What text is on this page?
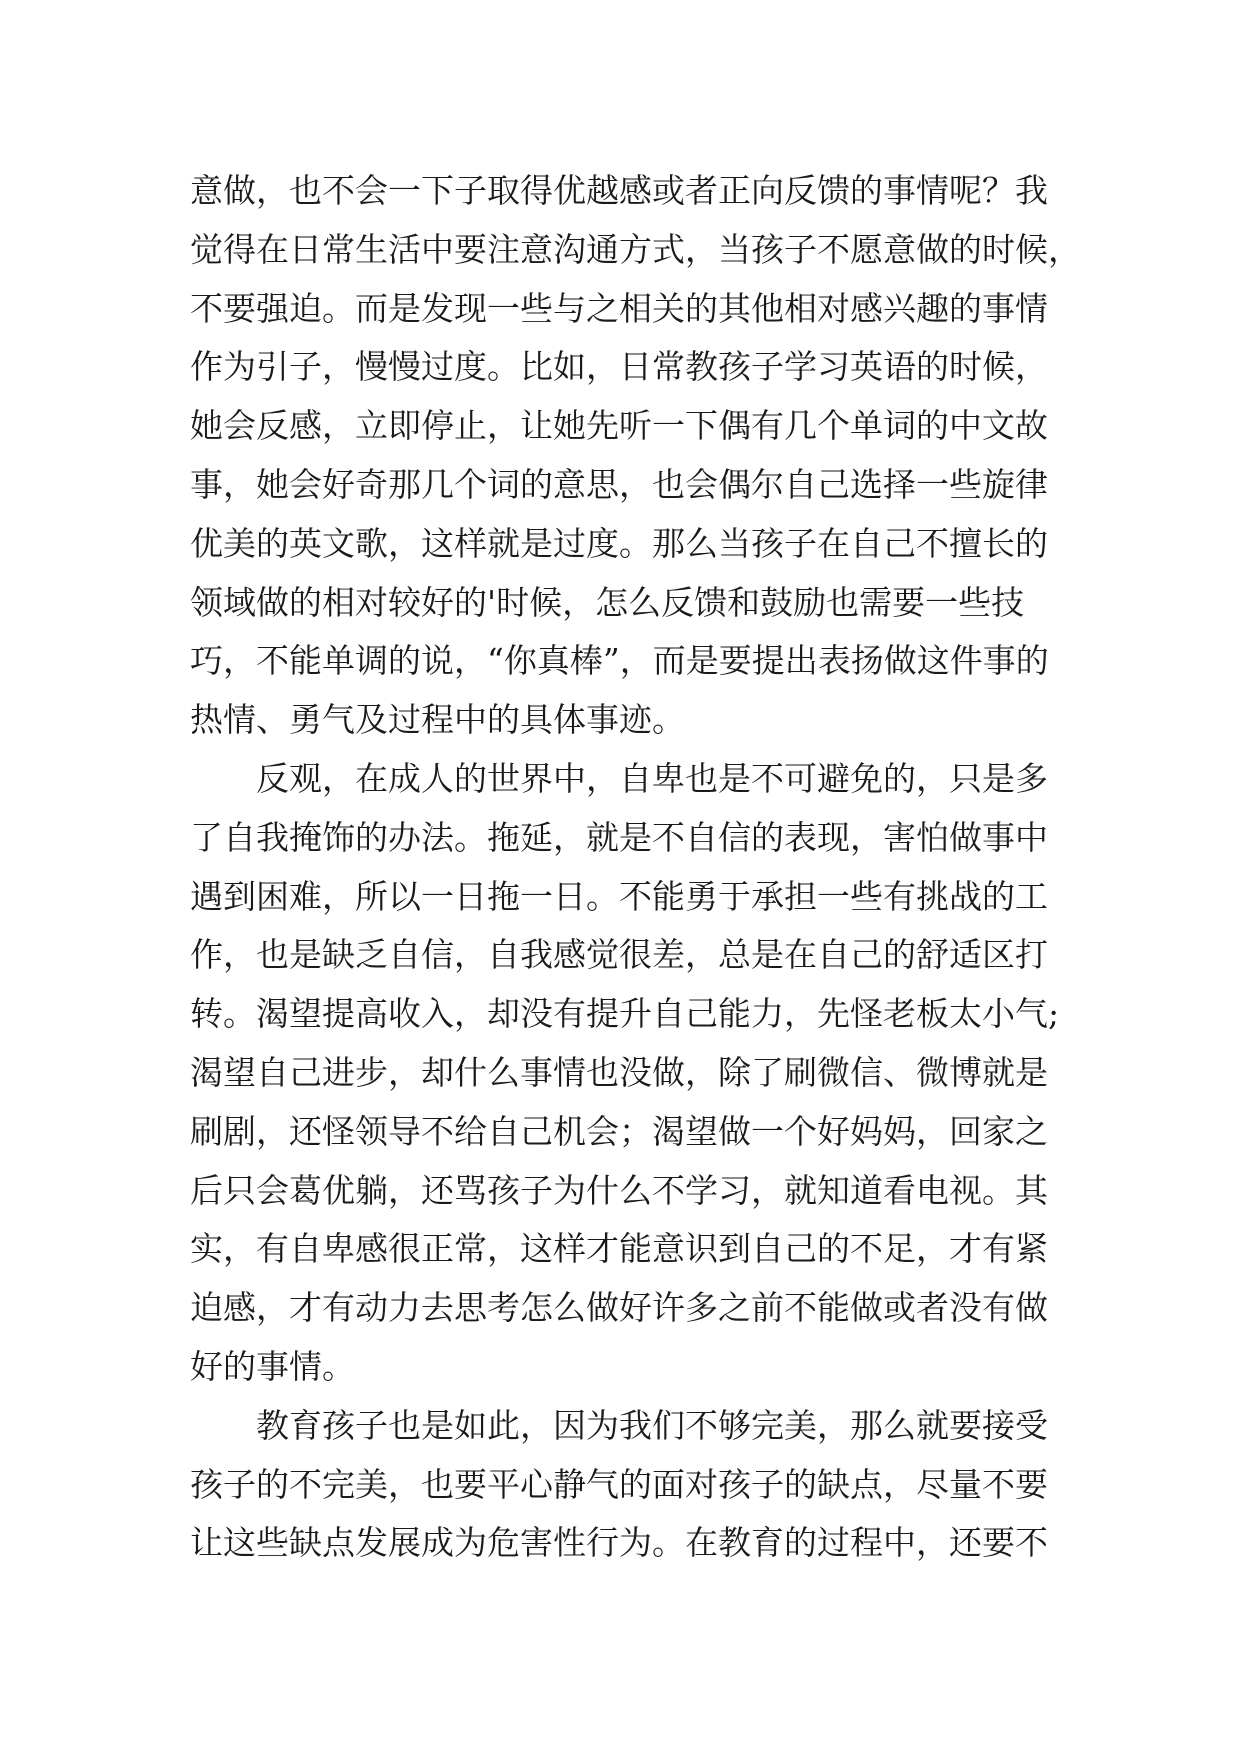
意做，也不会一下子取得优越感或者正向反馈的事情呢？我
觉得在日常生活中要注意沟通方式，当孩子不愿意做的时候，
不要强迫。而是发现一些与之相关的其他相对感兴趣的事情
作为引子，慢慢过度。比如，日常教孩子学习英语的时候，
她会反感，立即停止，让她先听一下偶有几个单词的中文故
事，她会好奇那几个词的意思，也会偶尔自己选择一些旋律
优美的英文歌，这样就是过度。那么当孩子在自己不擅长的
领域做的相对较好的'时候，怎么反馈和鼓励也需要一些技
巧，不能单调的说，“你真棒”，而是要提出表扬做这件事的
热情、勇气及过程中的具体事迹。
反观，在成人的世界中，自卑也是不可避免的，只是多
了自我掩饰的办法。拖延，就是不自信的表现，害怕做事中
遇到困难，所以一日拖一日。不能勇于承担一些有挑战的工
作，也是缺乏自信，自我感觉很差，总是在自己的舒适区打
转。渴望提高收入，却没有提升自己能力，先怪老板太小气;
渴望自己进步，却什么事情也没做，除了刷微信、微博就是
刷剧，还怪领导不给自己机会；渴望做一个好妈妈，回家之
后只会葛优躺，还骂孩子为什么不学习，就知道看电视。其
实，有自卑感很正常，这样才能意识到自己的不足，才有紧
迫感，才有动力去思考怎么做好许多之前不能做或者没有做
好的事情。
教育孩子也是如此，因为我们不够完美，那么就要接受
孩子的不完美，也要平心静气的面对孩子的缺点，尽量不要
让这些缺点发展成为危害性行为。在教育的过程中，还要不
